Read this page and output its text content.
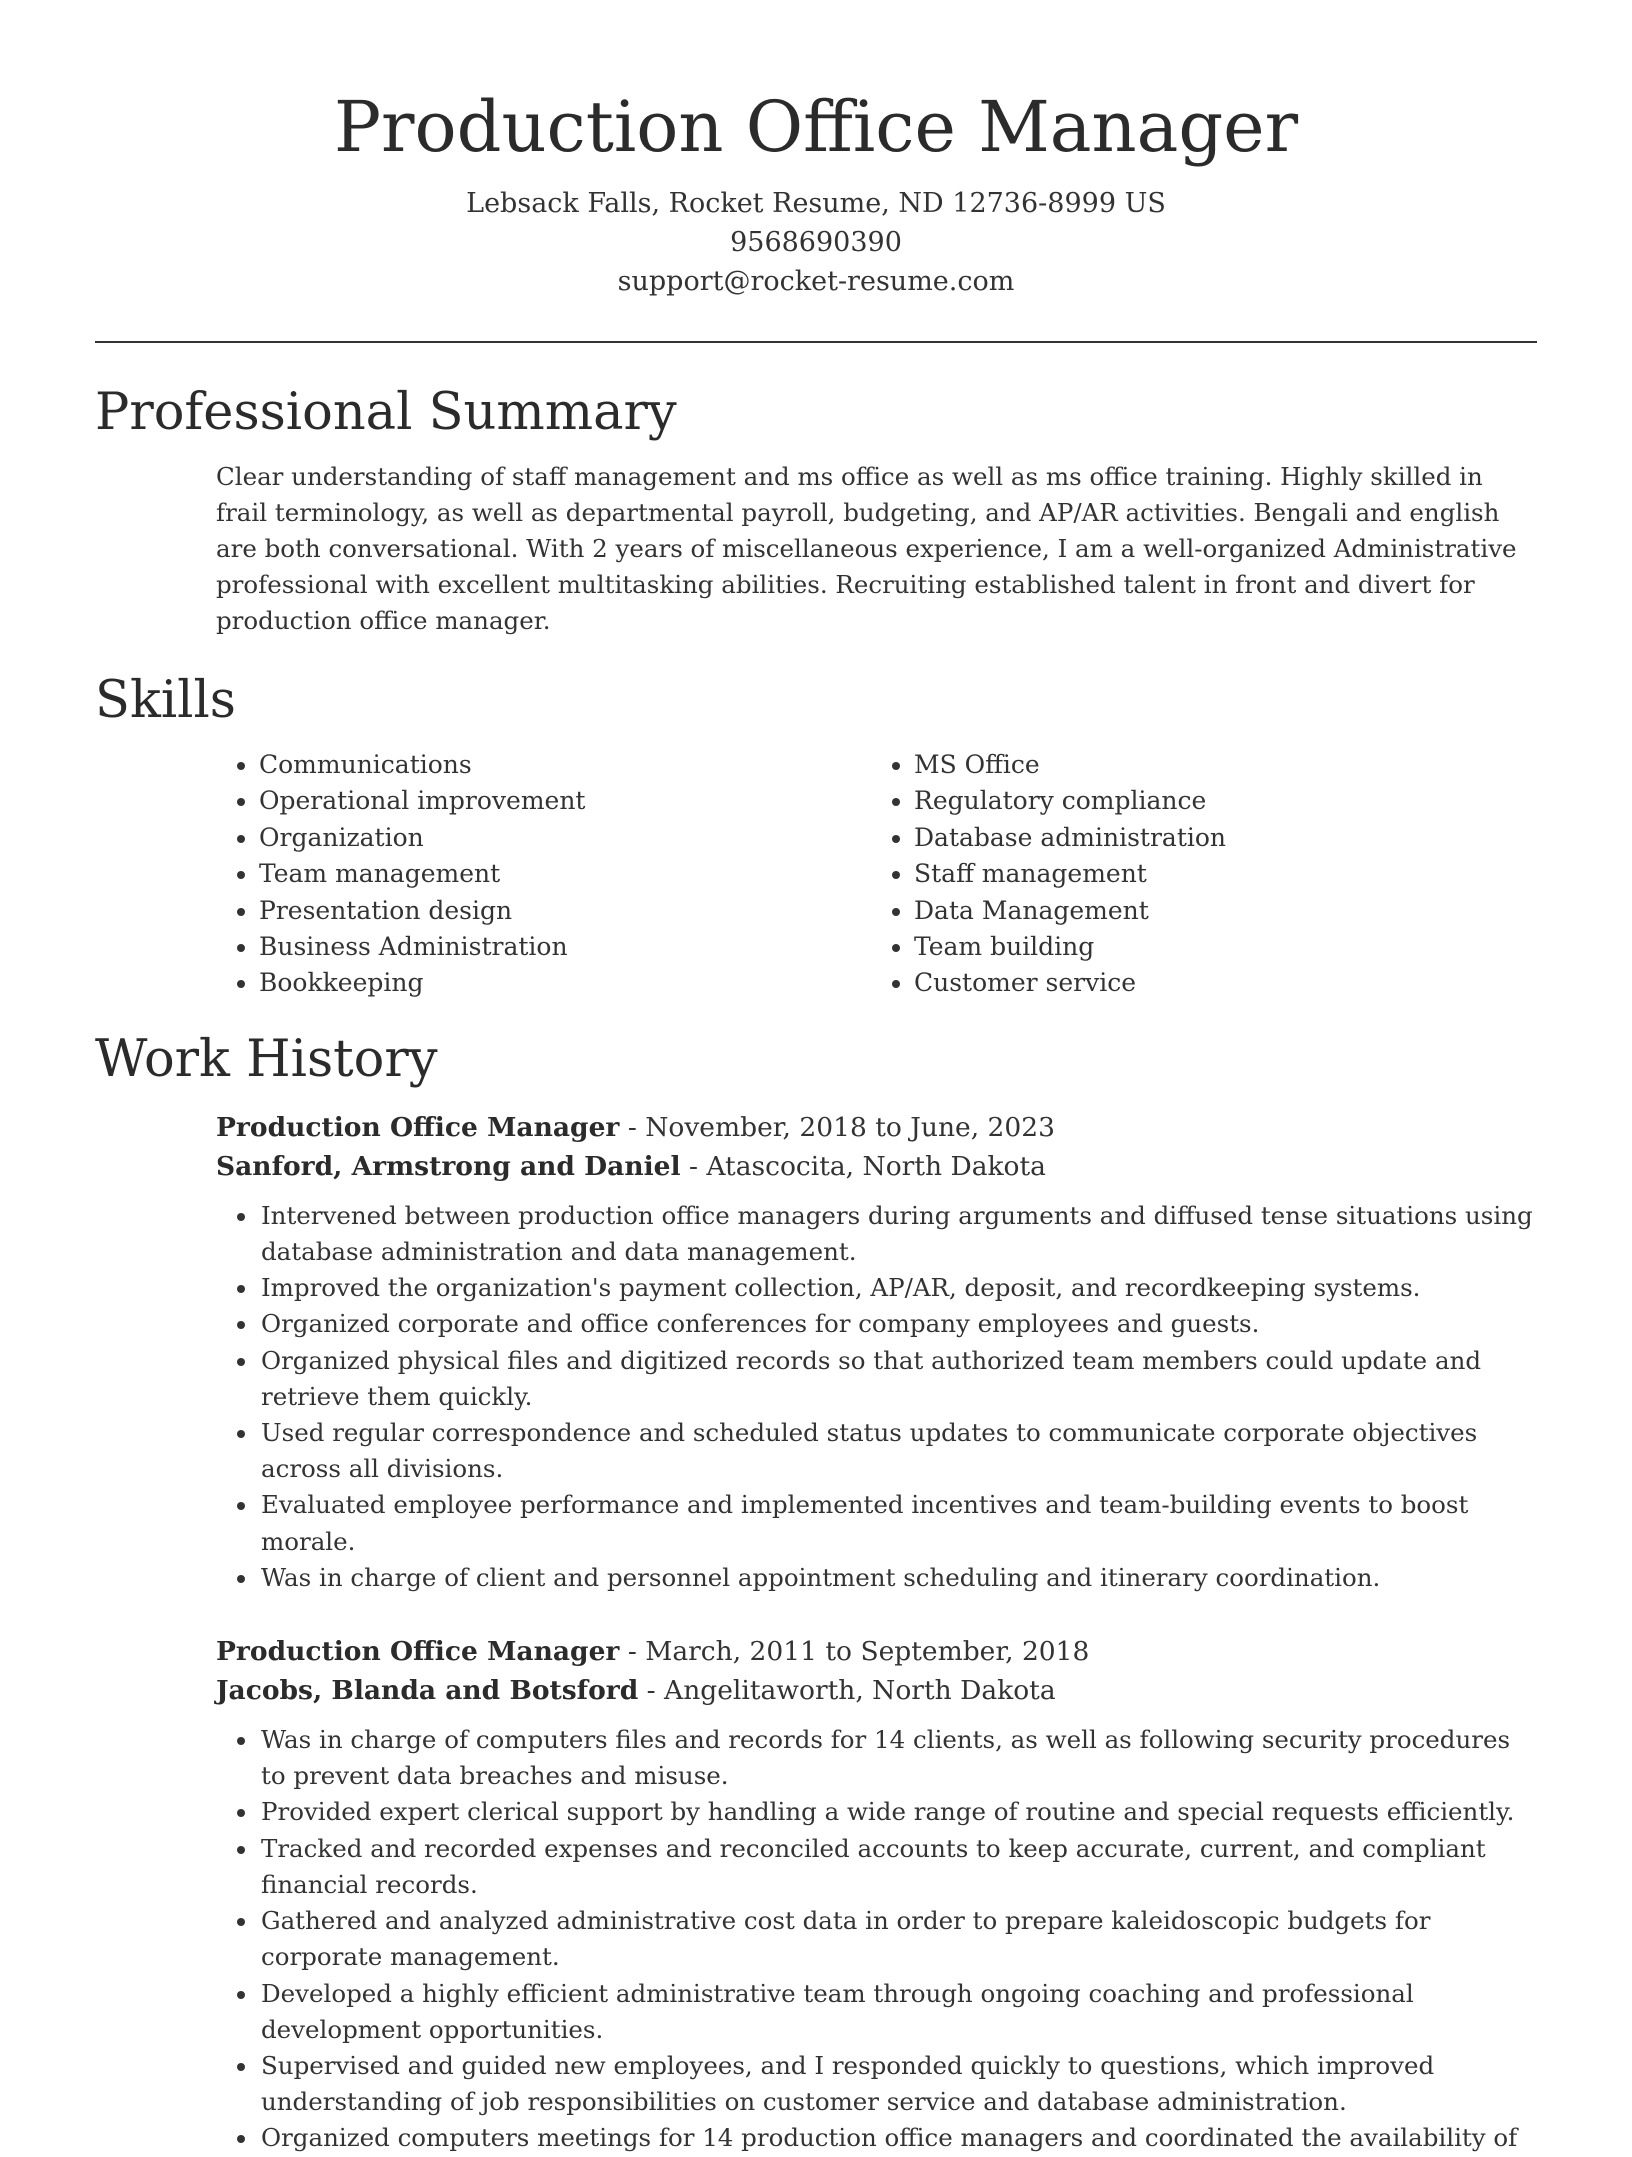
Production Office Manager
Lebsack Falls, Rocket Resume, ND 12736-8999 US
9568690390
support@rocket-resume.com
Professional Summary
Clear understanding of staff management and ms office as well as ms office training. Highly skilled in frail terminology, as well as departmental payroll, budgeting, and AP/AR activities. Bengali and english are both conversational. With 2 years of miscellaneous experience, I am a well-organized Administrative professional with excellent multitasking abilities. Recruiting established talent in front and divert for production office manager.
Skills
• Communications
• Operational improvement
• Organization
• Team management
• Presentation design
• Business Administration
• Bookkeeping
• MS Office
• Regulatory compliance
• Database administration
• Staff management
• Data Management
• Team building
• Customer service
Work History
Production Office Manager - November, 2018 to June, 2023
Sanford, Armstrong and Daniel - Atascocita, North Dakota
• Intervened between production office managers during arguments and diffused tense situations using database administration and data management.
• Improved the organization's payment collection, AP/AR, deposit, and recordkeeping systems.
• Organized corporate and office conferences for company employees and guests.
• Organized physical files and digitized records so that authorized team members could update and retrieve them quickly.
• Used regular correspondence and scheduled status updates to communicate corporate objectives across all divisions.
• Evaluated employee performance and implemented incentives and team-building events to boost morale.
• Was in charge of client and personnel appointment scheduling and itinerary coordination.
Production Office Manager - March, 2011 to September, 2018
Jacobs, Blanda and Botsford - Angelitaworth, North Dakota
• Was in charge of computers files and records for 14 clients, as well as following security procedures to prevent data breaches and misuse.
• Provided expert clerical support by handling a wide range of routine and special requests efficiently.
• Tracked and recorded expenses and reconciled accounts to keep accurate, current, and compliant financial records.
• Gathered and analyzed administrative cost data in order to prepare kaleidoscopic budgets for corporate management.
• Developed a highly efficient administrative team through ongoing coaching and professional development opportunities.
• Supervised and guided new employees, and I responded quickly to questions, which improved understanding of job responsibilities on customer service and database administration.
• Organized computers meetings for 14 production office managers and coordinated the availability of
